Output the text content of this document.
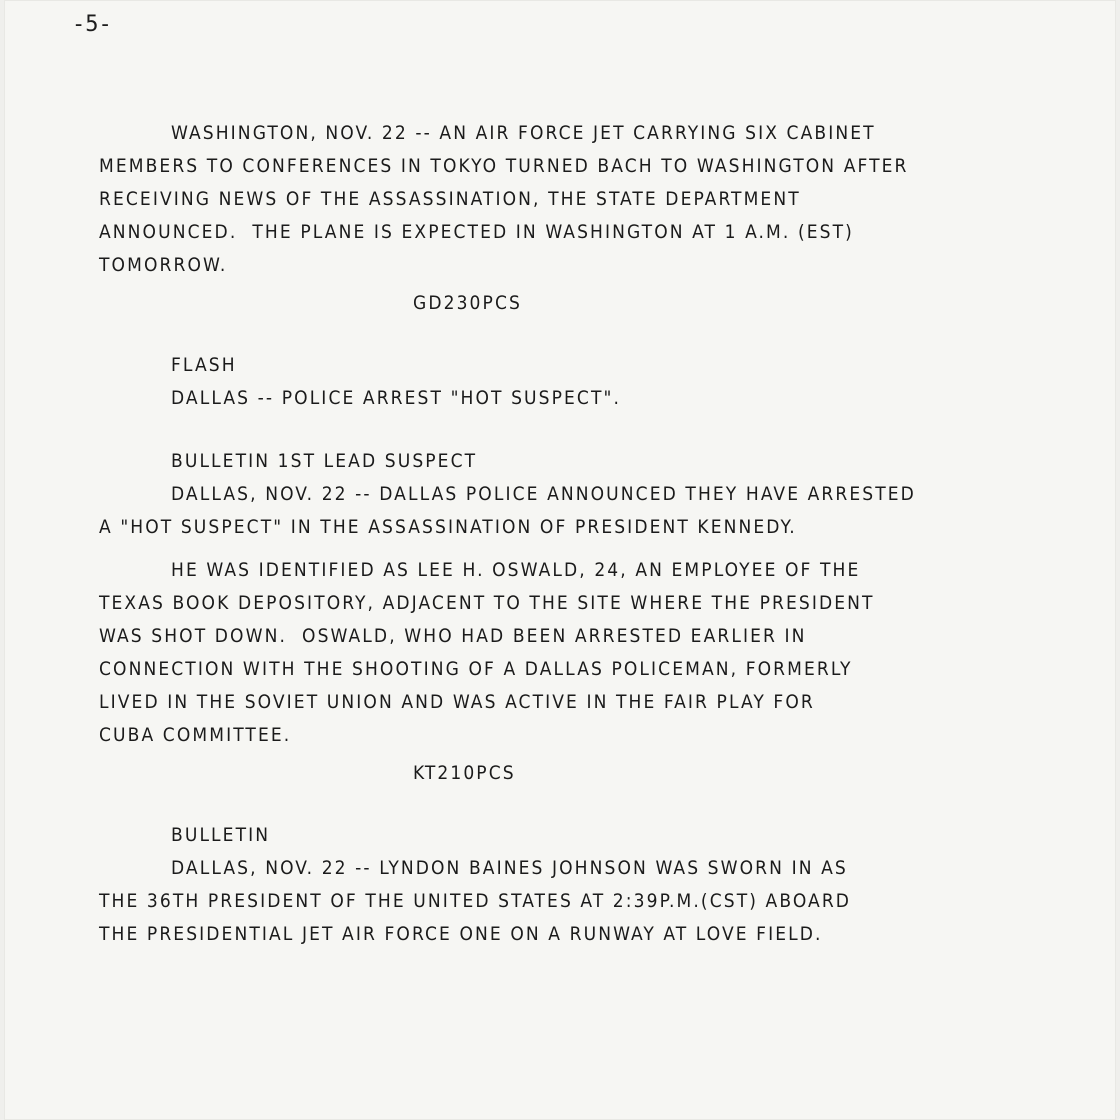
-5-
WASHINGTON, NOV. 22 -- AN AIR FORCE JET CARRYING SIX CABINET
MEMBERS TO CONFERENCES IN TOKYO TURNED BACH TO WASHINGTON AFTER
RECEIVING NEWS OF THE ASSASSINATION, THE STATE DEPARTMENT
ANNOUNCED.  THE PLANE IS EXPECTED IN WASHINGTON AT 1 A.M. (EST)
TOMORROW.
GD230PCS
FLASH
DALLAS -- POLICE ARREST "HOT SUSPECT".
BULLETIN 1ST LEAD SUSPECT
DALLAS, NOV. 22 -- DALLAS POLICE ANNOUNCED THEY HAVE ARRESTED
A "HOT SUSPECT" IN THE ASSASSINATION OF PRESIDENT KENNEDY.
HE WAS IDENTIFIED AS LEE H. OSWALD, 24, AN EMPLOYEE OF THE
TEXAS BOOK DEPOSITORY, ADJACENT TO THE SITE WHERE THE PRESIDENT
WAS SHOT DOWN.  OSWALD, WHO HAD BEEN ARRESTED EARLIER IN
CONNECTION WITH THE SHOOTING OF A DALLAS POLICEMAN, FORMERLY
LIVED IN THE SOVIET UNION AND WAS ACTIVE IN THE FAIR PLAY FOR
CUBA COMMITTEE.
KT210PCS
BULLETIN
DALLAS, NOV. 22 -- LYNDON BAINES JOHNSON WAS SWORN IN AS
THE 36TH PRESIDENT OF THE UNITED STATES AT 2:39P.M.(CST) ABOARD
THE PRESIDENTIAL JET AIR FORCE ONE ON A RUNWAY AT LOVE FIELD.
